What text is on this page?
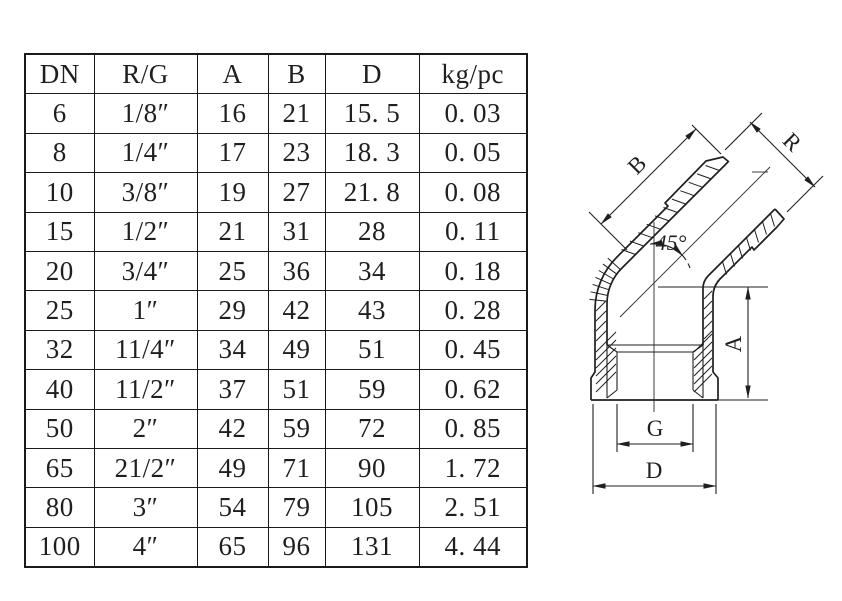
DN	R/G	A	B	D	kg/pc
6	1/8″	16	21	15. 5	0. 03
8	1/4″	17	23	18. 3	0. 05
10	3/8″	19	27	21. 8	0. 08
15	1/2″	21	31	28	0. 11
20	3/4″	25	36	34	0. 18
25	1″	29	42	43	0. 28
32	11/4″	34	49	51	0. 45
40	11/2″	37	51	59	0. 62
50	2″	42	59	72	0. 85
65	21/2″	49	71	90	1. 72
80	3″	54	79	105	2. 51
100	4″	65	96	131	4. 44
B
R
45°
A
G
D
